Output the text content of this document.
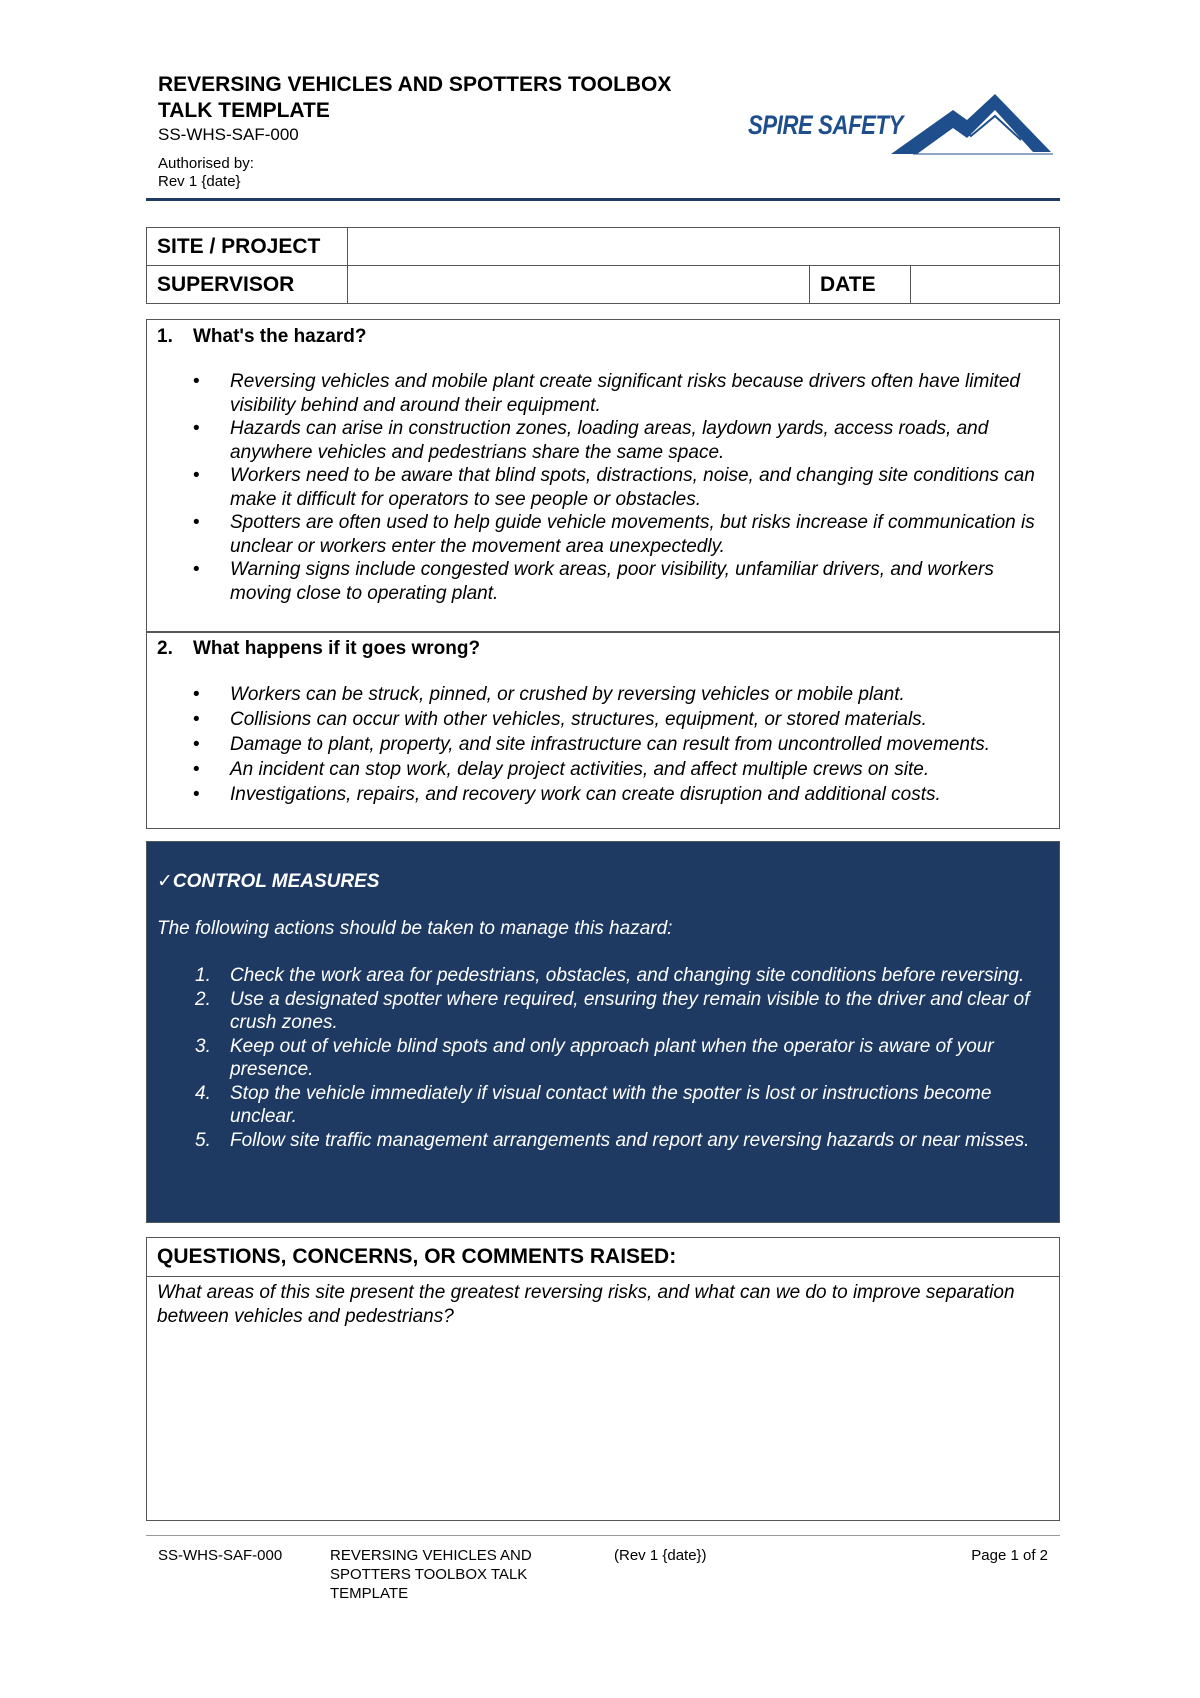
REVERSING VEHICLES AND SPOTTERS TOOLBOX TALK TEMPLATE
SS-WHS-SAF-000
Authorised by:
Rev 1 {date}
SPIRE SAFETY
SITE / PROJECT			
SUPERVISOR		DATE	
1. What's the hazard?
• Reversing vehicles and mobile plant create significant risks because drivers often have limited visibility behind and around their equipment.
• Hazards can arise in construction zones, loading areas, laydown yards, access roads, and anywhere vehicles and pedestrians share the same space.
• Workers need to be aware that blind spots, distractions, noise, and changing site conditions can make it difficult for operators to see people or obstacles.
• Spotters are often used to help guide vehicle movements, but risks increase if communication is unclear or workers enter the movement area unexpectedly.
• Warning signs include congested work areas, poor visibility, unfamiliar drivers, and workers moving close to operating plant.
2. What happens if it goes wrong?
• Workers can be struck, pinned, or crushed by reversing vehicles or mobile plant.
• Collisions can occur with other vehicles, structures, equipment, or stored materials.
• Damage to plant, property, and site infrastructure can result from uncontrolled movements.
• An incident can stop work, delay project activities, and affect multiple crews on site.
• Investigations, repairs, and recovery work can create disruption and additional costs.
✓CONTROL MEASURES
The following actions should be taken to manage this hazard:
1. Check the work area for pedestrians, obstacles, and changing site conditions before reversing.
2. Use a designated spotter where required, ensuring they remain visible to the driver and clear of crush zones.
3. Keep out of vehicle blind spots and only approach plant when the operator is aware of your presence.
4. Stop the vehicle immediately if visual contact with the spotter is lost or instructions become unclear.
5. Follow site traffic management arrangements and report any reversing hazards or near misses.
QUESTIONS, CONCERNS, OR COMMENTS RAISED:
What areas of this site present the greatest reversing risks, and what can we do to improve separation between vehicles and pedestrians?
SS-WHS-SAF-000	REVERSING VEHICLES AND SPOTTERS TOOLBOX TALK TEMPLATE
(Rev 1 {date})	Page 1 of 2
